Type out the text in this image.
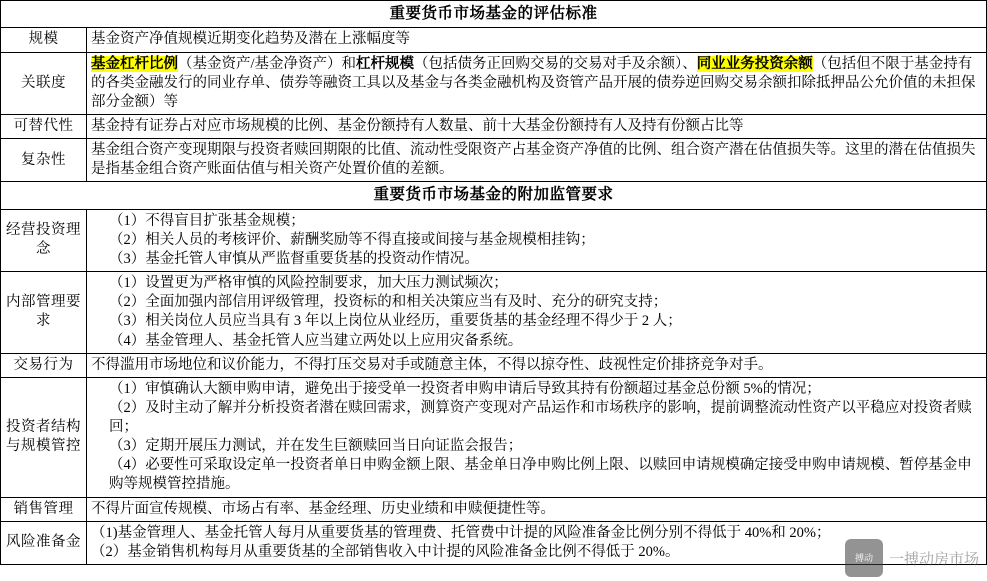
重要货币市场基金的评估标准	
规模	基金资产净值规模近期变化趋势及潜在上涨幅度等
关联度	基金杠杆比例（基金资产/基金净资产）和杠杆规模（包括债务正回购交易的交易对手及余额）、同业业务投资余额（包括但不限于基金持有的各类金融发行的同业存单、债券等融资工具以及基金与各类金融机构及资管产品开展的债券逆回购交易余额扣除抵押品公允价值的未担保部分金额）等
可替代性	基金持有证券占对应市场规模的比例、基金份额持有人数量、前十大基金份额持有人及持有份额占比等
复杂性	基金组合资产变现期限与投资者赎回期限的比值、流动性受限资产占基金资产净值的比例、组合资产潜在估值损失等。这里的潜在估值损失是指基金组合资产账面估值与相关资产处置价值的差额。
重要货币市场基金的附加监管要求	
经营投资理念	（1）不得盲目扩张基金规模；

（2）相关人员的考核评价、薪酬奖励等不得直接或间接与基金规模相挂钩；

（3）基金托管人审慎从严监督重要货基的投资动作情况。

内部管理要求	（1）设置更为严格审慎的风险控制要求，加大压力测试频次；

（2）全面加强内部信用评级管理，投资标的和相关决策应当有及时、充分的研究支持；

（3）相关岗位人员应当具有 3 年以上岗位从业经历，重要货基的基金经理不得少于 2 人；

（4）基金管理人、基金托管人应当建立两处以上应用灾备系统。

交易行为	不得滥用市场地位和议价能力，不得打压交易对手或随意主体，不得以掠夺性、歧视性定价排挤竞争对手。

投资者结构与规模管控	（1）审慎确认大额申购申请，避免出于接受单一投资者申购申请后导致其持有份额超过基金总份额 5%的情况；

（2）及时主动了解并分析投资者潜在赎回需求，测算资产变现对产品运作和市场秩序的影响，提前调整流动性资产以平稳应对投资者赎回；

（3）定期开展压力测试，并在发生巨额赎回当日向证监会报告；

（4）必要性可采取设定单一投资者单日申购金额上限、基金单日净申购比例上限、以赎回申请规模确定接受申购申请规模、暂停基金申购等规模管控措施。

销售管理	不得片面宣传规模、市场占有率、基金经理、历史业绩和申赎便捷性等。

风险准备金	（1)基金管理人、基金托管人每月从重要货基的管理费、托管费中计提的风险准备金比例分别不得低于 40%和 20%；

（2）基金销售机构每月从重要货基的全部销售收入中计提的风险准备金比例不得低于 20%。	搏动	一搏动房市场
